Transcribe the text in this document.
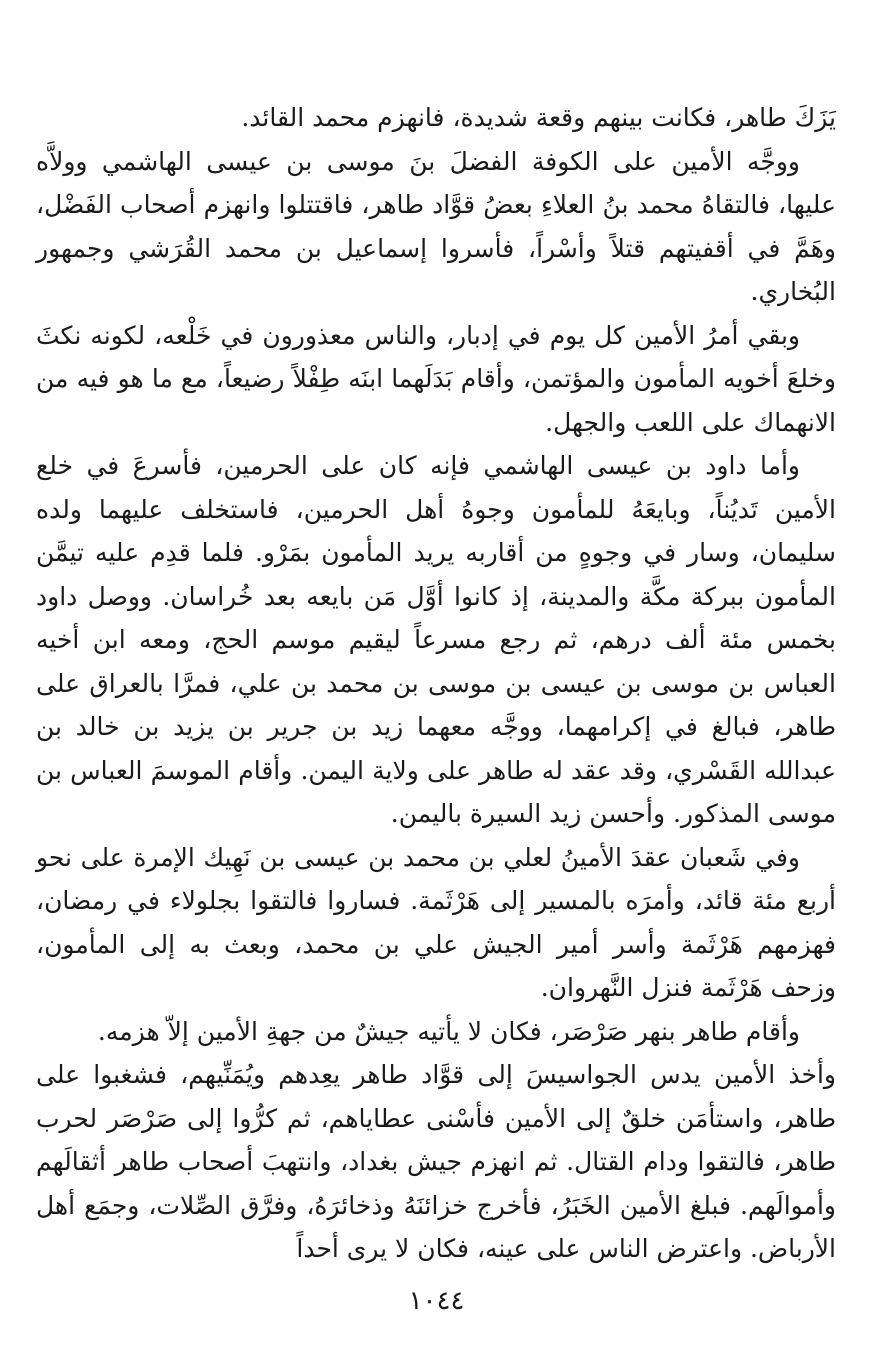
يَزَكَ طاهر، فكانت بينهم وقعة شديدة، فانهزم محمد القائد.

ووجَّه الأمين على الكوفة الفضلَ بنَ موسى بن عيسى الهاشمي وولاَّه عليها، فالتقاهُ محمد بنُ العلاءِ بعضُ قوَّاد طاهر، فاقتتلوا وانهزم أصحاب الفَضْل، وهَمَّ في أقفيتهم قتلاً وأسْراً، فأسروا إسماعيل بن محمد القُرَشي وجمهور البُخاري.

وبقي أمرُ الأمين كل يوم في إدبار، والناس معذورون في خَلْعه، لكونه نكثَ وخلعَ أخويه المأمون والمؤتمن، وأقام بَدَلَهما ابنَه طِفْلاً رضيعاً، مع ما هو فيه من الانهماك على اللعب والجهل.

وأما داود بن عيسى الهاشمي فإنه كان على الحرمين، فأسرعَ في خلع الأمين تَديُناً، وبايعَهُ للمأمون وجوهُ أهل الحرمين، فاستخلف عليهما ولده سليمان، وسار في وجوهٍ من أقاربه يريد المأمون بمَرْو. فلما قدِم عليه تيمَّن المأمون ببركة مكَّة والمدينة، إذ كانوا أوَّل مَن بايعه بعد خُراسان. ووصل داود بخمس مئة ألف درهم، ثم رجع مسرعاً ليقيم موسم الحج، ومعه ابن أخيه العباس بن موسى بن عيسى بن موسى بن محمد بن علي، فمرَّا بالعراق على طاهر، فبالغ في إكرامهما، ووجَّه معهما زيد بن جرير بن يزيد بن خالد بن عبدالله القَسْري، وقد عقد له طاهر على ولاية اليمن. وأقام الموسمَ العباس بن موسى المذكور. وأحسن زيد السيرة باليمن.

وفي شَعبان عقدَ الأمينُ لعلي بن محمد بن عيسى بن نَهِيك الإمرة على نحو أربع مئة قائد، وأمرَه بالمسير إلى هَرْثَمة. فساروا فالتقوا بجلولاء في رمضان، فهزمهم هَرْثَمة وأسر أمير الجيش علي بن محمد، وبعث به إلى المأمون، وزحف هَرْثَمة فنزل النَّهروان.

وأقام طاهر بنهر صَرْصَر، فكان لا يأتيه جيشٌ من جهةِ الأمين إلاّ هزمه.

وأخذ الأمين يدس الجواسيسَ إلى قوَّاد طاهر يعِدهم ويُمَنِّيهم، فشغبوا على طاهر، واستأمَن خلقٌ إلى الأمين فأسْنى عطاياهم، ثم كرُّوا إلى صَرْصَر لحرب طاهر، فالتقوا ودام القتال. ثم انهزم جيش بغداد، وانتهبَ أصحاب طاهر أثقالَهم وأموالَهم. فبلغ الأمين الخَبَرُ، فأخرج خزائنَهُ وذخائرَهُ، وفرَّق الصِّلات، وجمَع أهل الأرباض. واعترض الناس على عينه، فكان لا يرى أحداً

١٠٤٤
